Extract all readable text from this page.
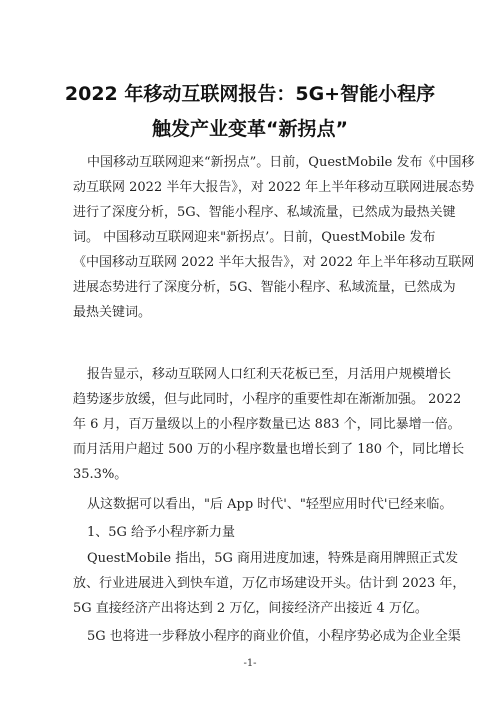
2022 年移动互联网报告：5G+智能小程序
触发产业变革“新拐点”
中国移动互联网迎来“新拐点”。日前，QuestMobile 发布《中国移
动互联网 2022 半年大报告》，对 2022 年上半年移动互联网进展态势
进行了深度分析，5G、智能小程序、私域流量，已然成为最热关键
词。 中国移动互联网迎来"新拐点’。日前，QuestMobile 发布
《中国移动互联网 2022 半年大报告》，对 2022 年上半年移动互联网
进展态势进行了深度分析，5G、智能小程序、私域流量，已然成为
最热关键词。
报告显示，移动互联网人口红利天花板已至，月活用户规模增长
趋势逐步放缓，但与此同时，小程序的重要性却在渐渐加强。 2022
年 6 月，百万量级以上的小程序数量已达 883 个，同比暴增一倍。
而月活用户超过 500 万的小程序数量也增长到了 180 个，同比增长
35.3%。
从这数据可以看出，"后 App 时代'、"轻型应用时代'已经来临。
1、5G 给予小程序新力量
QuestMobile 指出，5G 商用进度加速，特殊是商用牌照正式发
放、行业进展进入到快车道，万亿市场建设开头。估计到 2023 年，
5G 直接经济产出将达到 2 万亿，间接经济产出接近 4 万亿。
5G 也将进一步释放小程序的商业价值，小程序势必成为企业全渠
-1-
